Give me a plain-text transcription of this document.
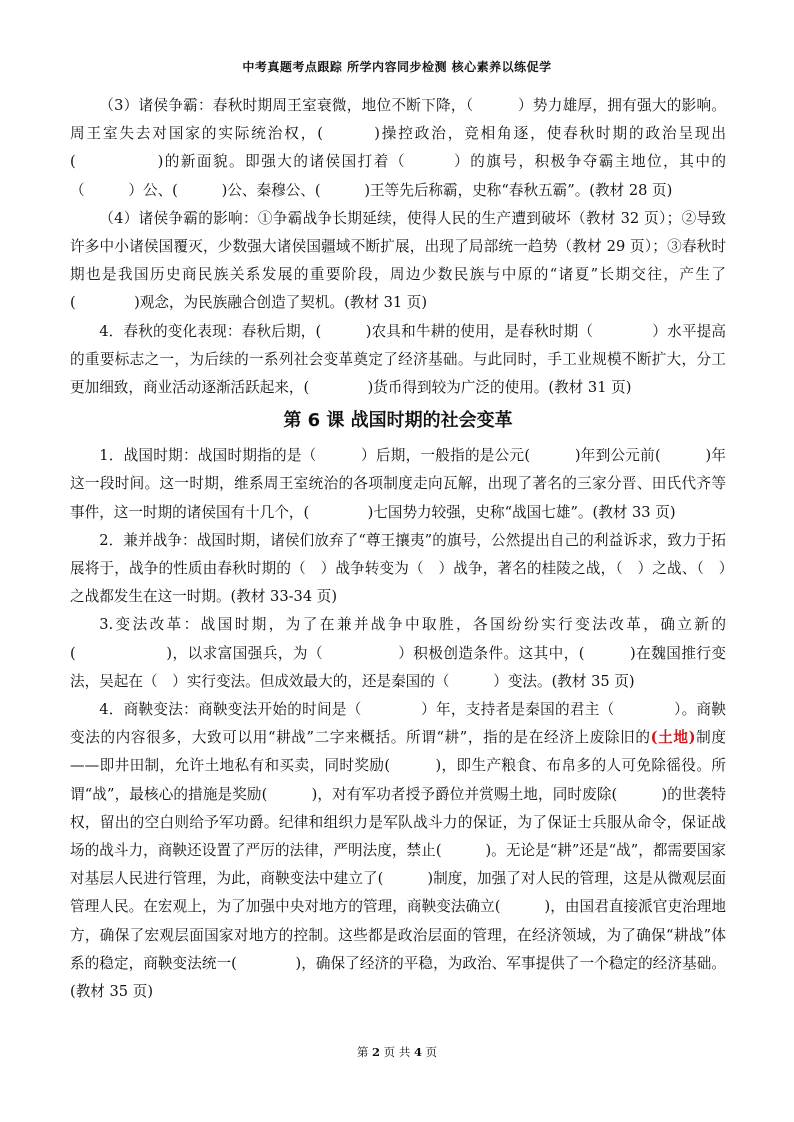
中考真题考点跟踪 所学内容同步检测 核心素养以练促学

（3）诸侯争霸：春秋时期周王室衰微，地位不断下降，（　　　）势力雄厚，拥有强大的影响。周王室失去对国家的实际统治权，(　　　)操控政治，竞相角逐，使春秋时期的政治呈现出(　　　　　)的新面貌。即强大的诸侯国打着（　　　）的旗号，积极争夺霸主地位，其中的（　　　）公、(　　　)公、秦穆公、(　　　)王等先后称霸，史称“春秋五霸”。(教材 28 页)

（4）诸侯争霸的影响：①争霸战争长期延续，使得人民的生产遭到破坏（教材 32 页）；②导致许多中小诸侯国覆灭，少数强大诸侯国疆域不断扩展，出现了局部统一趋势（教材 29 页）；③春秋时期也是我国历史商民族关系发展的重要阶段，周边少数民族与中原的“诸夏”长期交往，产生了(　　　　)观念，为民族融合创造了契机。(教材 31 页)

4．春秋的变化表现：春秋后期，(　　　)农具和牛耕的使用，是春秋时期（　　　　）水平提高的重要标志之一，为后续的一系列社会变革奠定了经济基础。与此同时，手工业规模不断扩大，分工更加细致，商业活动逐渐活跃起来，(　　　　)货币得到较为广泛的使用。(教材 31 页)

第 6 课 战国时期的社会变革

1．战国时期：战国时期指的是（　　　）后期，一般指的是公元(　　　)年到公元前(　　　)年这一段时间。这一时期，维系周王室统治的各项制度走向瓦解，出现了著名的三家分晋、田氏代齐等事件，这一时期的诸侯国有十几个，(　　　　)七国势力较强，史称“战国七雄”。(教材 33 页)

2．兼并战争：战国时期，诸侯们放弃了“尊王攘夷”的旗号，公然提出自己的利益诉求，致力于拓展将于，战争的性质由春秋时期的（　）战争转变为（　）战争，著名的桂陵之战，（　）之战、（　）之战都发生在这一时期。(教材 33-34 页)

3.变法改革：战国时期，为了在兼并战争中取胜，各国纷纷实行变法改革，确立新的(　　　　　　)，以求富国强兵，为（　　　　　）积极创造条件。这其中，(　　　)在魏国推行变法，吴起在（　）实行变法。但成效最大的，还是秦国的（　　　）变法。(教材 35 页)

4．商鞅变法：商鞅变法开始的时间是（　　　　）年，支持者是秦国的君主（　　　　）。商鞅变法的内容很多，大致可以用“耕战”二字来概括。所谓“耕”，指的是在经济上废除旧的(土地)制度——即井田制，允许土地私有和买卖，同时奖励(　　　)，即生产粮食、布帛多的人可免除徭役。所谓“战”，最核心的措施是奖励(　　　)，对有军功者授予爵位并赏赐土地，同时废除(　　　)的世袭特权，留出的空白则给予军功爵。纪律和组织力是军队战斗力的保证，为了保证士兵服从命令，保证战场的战斗力，商鞅还设置了严厉的法律，严明法度，禁止(　　　)。无论是“耕”还是“战”，都需要国家对基层人民进行管理，为此，商鞅变法中建立了(　　　)制度，加强了对人民的管理，这是从微观层面管理人民。在宏观上，为了加强中央对地方的管理，商鞅变法确立(　　　)，由国君直接派官吏治理地方，确保了宏观层面国家对地方的控制。这些都是政治层面的管理，在经济领域，为了确保“耕战”体系的稳定，商鞅变法统一(　　　　)，确保了经济的平稳，为政治、军事提供了一个稳定的经济基础。(教材 35 页)

第 2 页 共 4 页
